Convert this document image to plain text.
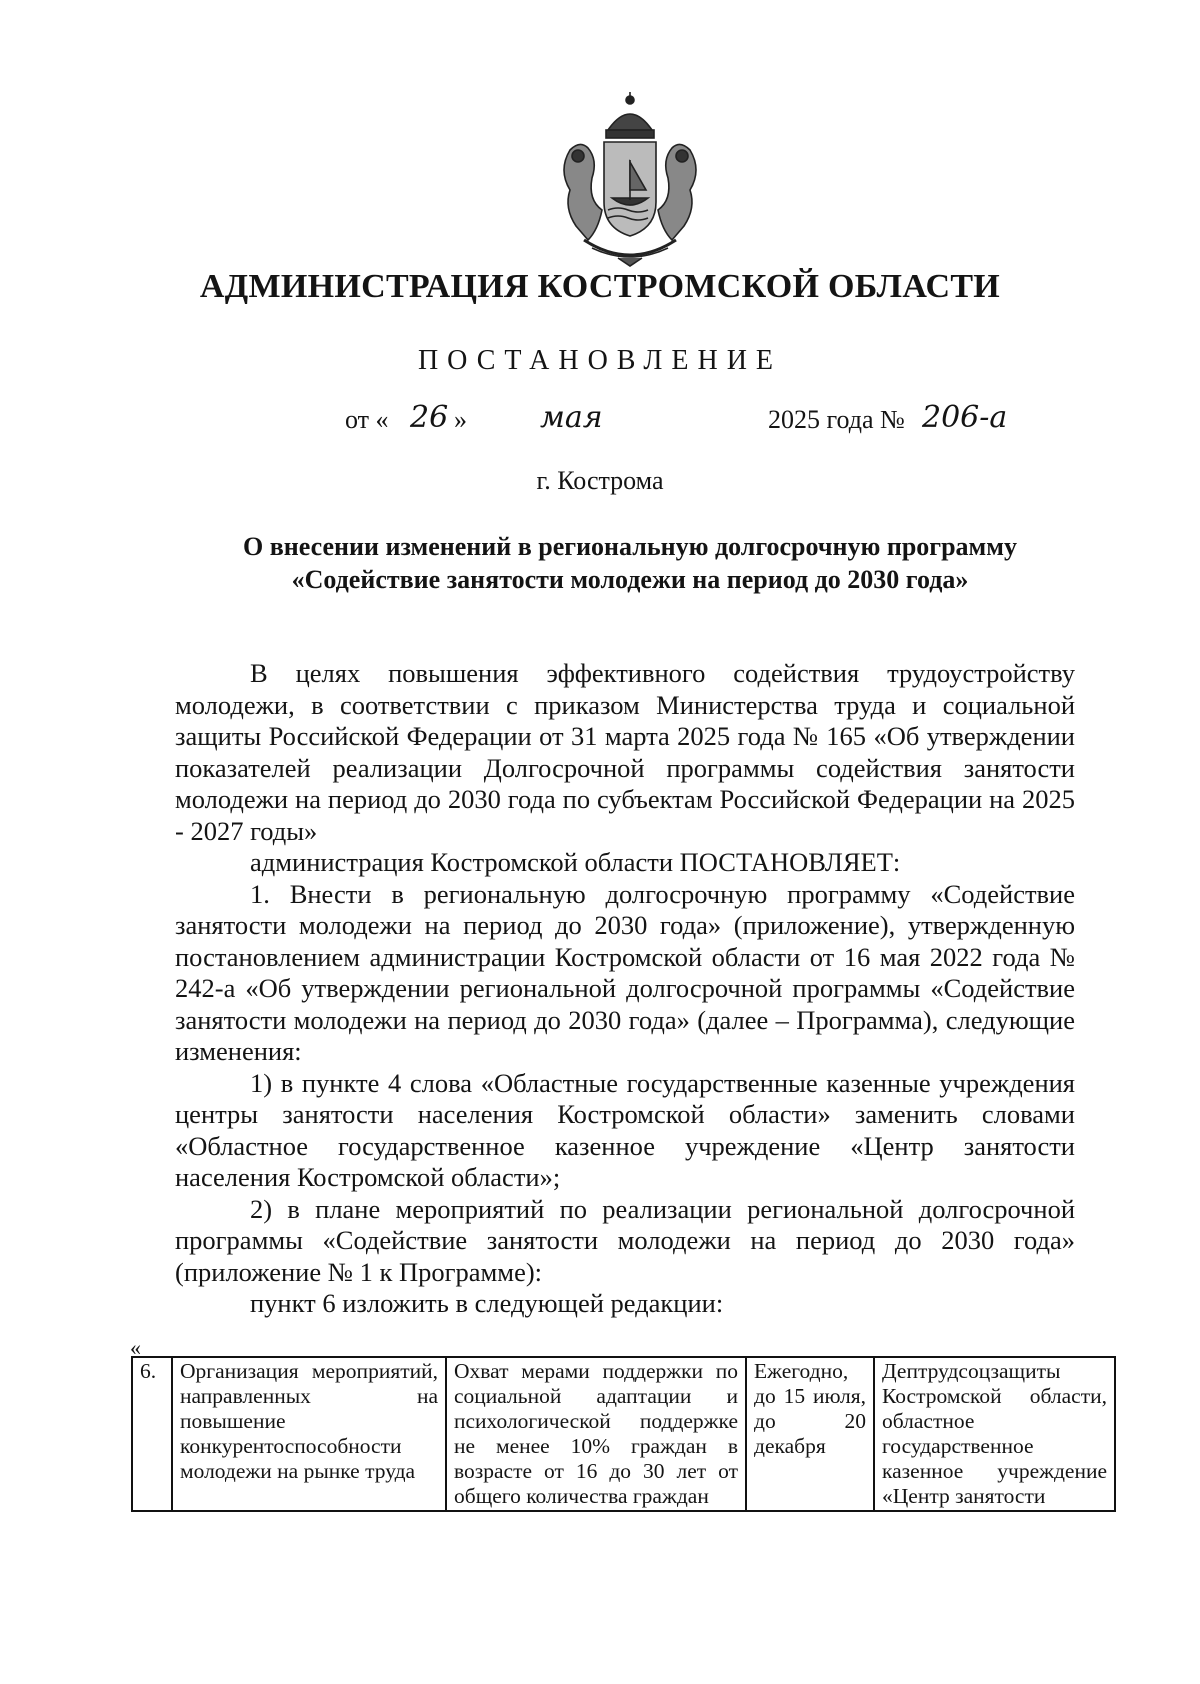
АДМИНИСТРАЦИЯ КОСТРОМСКОЙ ОБЛАСТИ
ПОСТАНОВЛЕНИЕ
от « 26 » мая	2025 года № 206-а
г. Кострома
О внесении изменений в региональную долгосрочную программу
«Содействие занятости молодежи на период до 2030 года»

В целях повышения эффективного содействия трудоустройству молодежи, в соответствии с приказом Министерства труда и социальной защиты Российской Федерации от 31 марта 2025 года № 165 «Об утверждении показателей реализации Долгосрочной программы содействия занятости молодежи на период до 2030 года по субъектам Российской Федерации на 2025 - 2027 годы»

администрация Костромской области ПОСТАНОВЛЯЕТ:

1. Внести в региональную долгосрочную программу «Содействие занятости молодежи на период до 2030 года» (приложение), утвержденную постановлением администрации Костромской области от 16 мая 2022 года № 242-а «Об утверждении региональной долгосрочной программы «Содействие занятости молодежи на период до 2030 года» (далее – Программа), следующие изменения:

1) в пункте 4 слова «Областные государственные казенные учреждения центры занятости населения Костромской области» заменить словами «Областное государственное казенное учреждение «Центр занятости населения Костромской области»;

2) в плане мероприятий по реализации региональной долгосрочной программы «Содействие занятости молодежи на период до 2030 года» (приложение № 1 к Программе):

пункт 6 изложить в следующей редакции:

«
6.	Организация мероприятий, направленных на повышение конкурентоспособности молодежи на рынке труда	Охват мерами поддержки по социальной адаптации и психологической поддержке не менее 10% граждан в возрасте от 16 до 30 лет от общего количества граждан	Ежегодно, до 15 июля, до 20 декабря	Дептрудсоцзащиты Костромской области, областное государственное казенное учреждение «Центр занятости
